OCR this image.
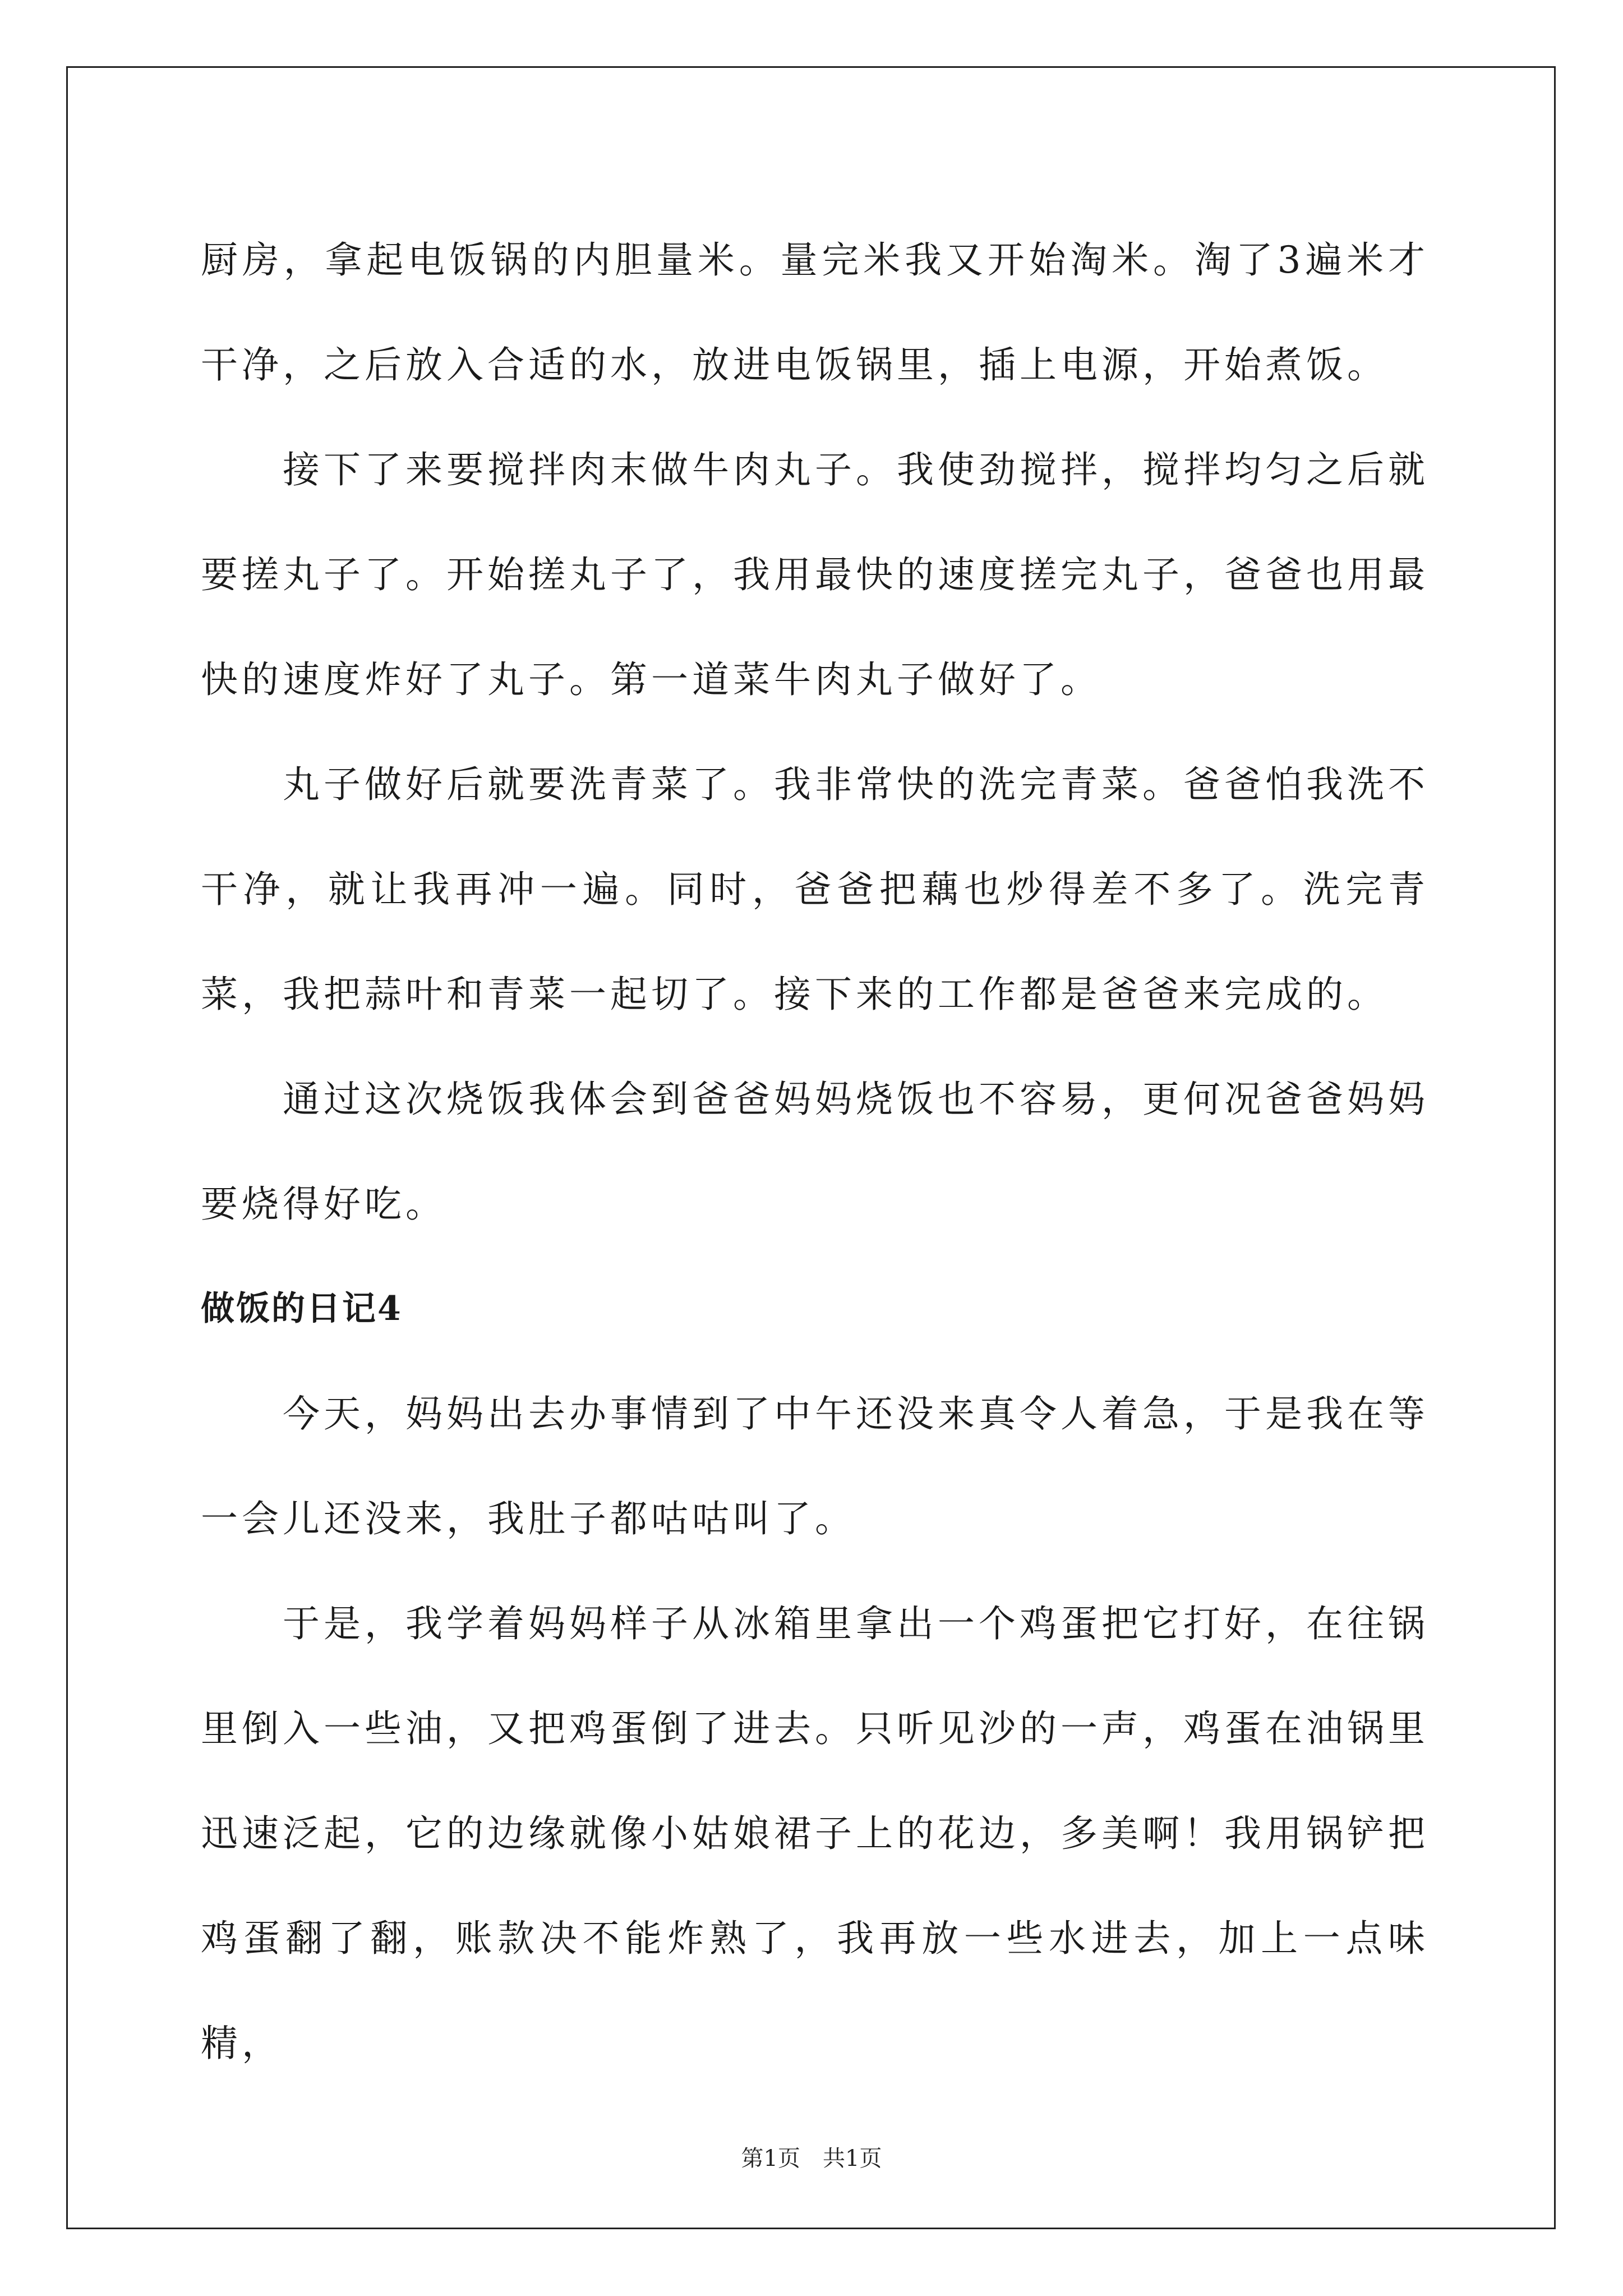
厨房，拿起电饭锅的内胆量米。量完米我又开始淘米。淘了3遍米才干净，之后放入合适的水，放进电饭锅里，插上电源，开始煮饭。

接下了来要搅拌肉末做牛肉丸子。我使劲搅拌，搅拌均匀之后就要搓丸子了。开始搓丸子了，我用最快的速度搓完丸子，爸爸也用最快的速度炸好了丸子。第一道菜牛肉丸子做好了。

丸子做好后就要洗青菜了。我非常快的洗完青菜。爸爸怕我洗不干净，就让我再冲一遍。同时，爸爸把藕也炒得差不多了。洗完青菜，我把蒜叶和青菜一起切了。接下来的工作都是爸爸来完成的。

通过这次烧饭我体会到爸爸妈妈烧饭也不容易，更何况爸爸妈妈要烧得好吃。

做饭的日记4

今天，妈妈出去办事情到了中午还没来真令人着急，于是我在等一会儿还没来，我肚子都咕咕叫了。

于是，我学着妈妈样子从冰箱里拿出一个鸡蛋把它打好，在往锅里倒入一些油，又把鸡蛋倒了进去。只听见沙的一声，鸡蛋在油锅里迅速泛起，它的边缘就像小姑娘裙子上的花边，多美啊！我用锅铲把鸡蛋翻了翻，账款决不能炸熟了，我再放一些水进去，加上一点味精，

第1页 共1页
